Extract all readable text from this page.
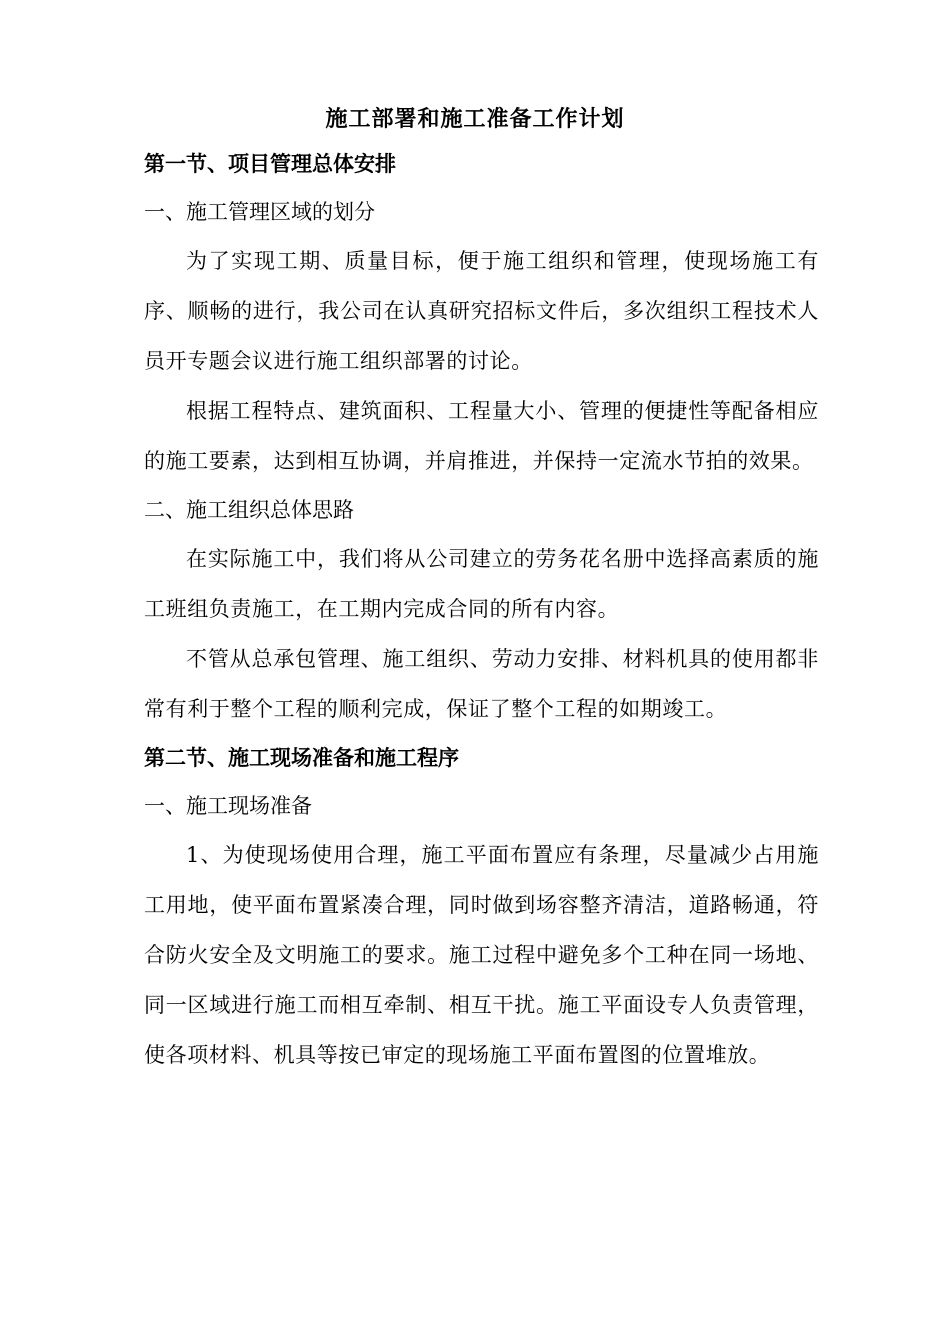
施工部署和施工准备工作计划
第一节、项目管理总体安排
一、施工管理区域的划分

为了实现工期、质量目标，便于施工组织和管理，使现场施工有序、顺畅的进行，我公司在认真研究招标文件后，多次组织工程技术人员开专题会议进行施工组织部署的讨论。

根据工程特点、建筑面积、工程量大小、管理的便捷性等配备相应的施工要素，达到相互协调，并肩推进，并保持一定流水节拍的效果。

二、施工组织总体思路

在实际施工中，我们将从公司建立的劳务花名册中选择高素质的施工班组负责施工，在工期内完成合同的所有内容。

不管从总承包管理、施工组织、劳动力安排、材料机具的使用都非常有利于整个工程的顺利完成，保证了整个工程的如期竣工。

第二节、施工现场准备和施工程序
一、施工现场准备

1、为使现场使用合理，施工平面布置应有条理，尽量减少占用施工用地，使平面布置紧凑合理，同时做到场容整齐清洁，道路畅通，符合防火安全及文明施工的要求。施工过程中避免多个工种在同一场地、同一区域进行施工而相互牵制、相互干扰。施工平面设专人负责管理，使各项材料、机具等按已审定的现场施工平面布置图的位置堆放。
